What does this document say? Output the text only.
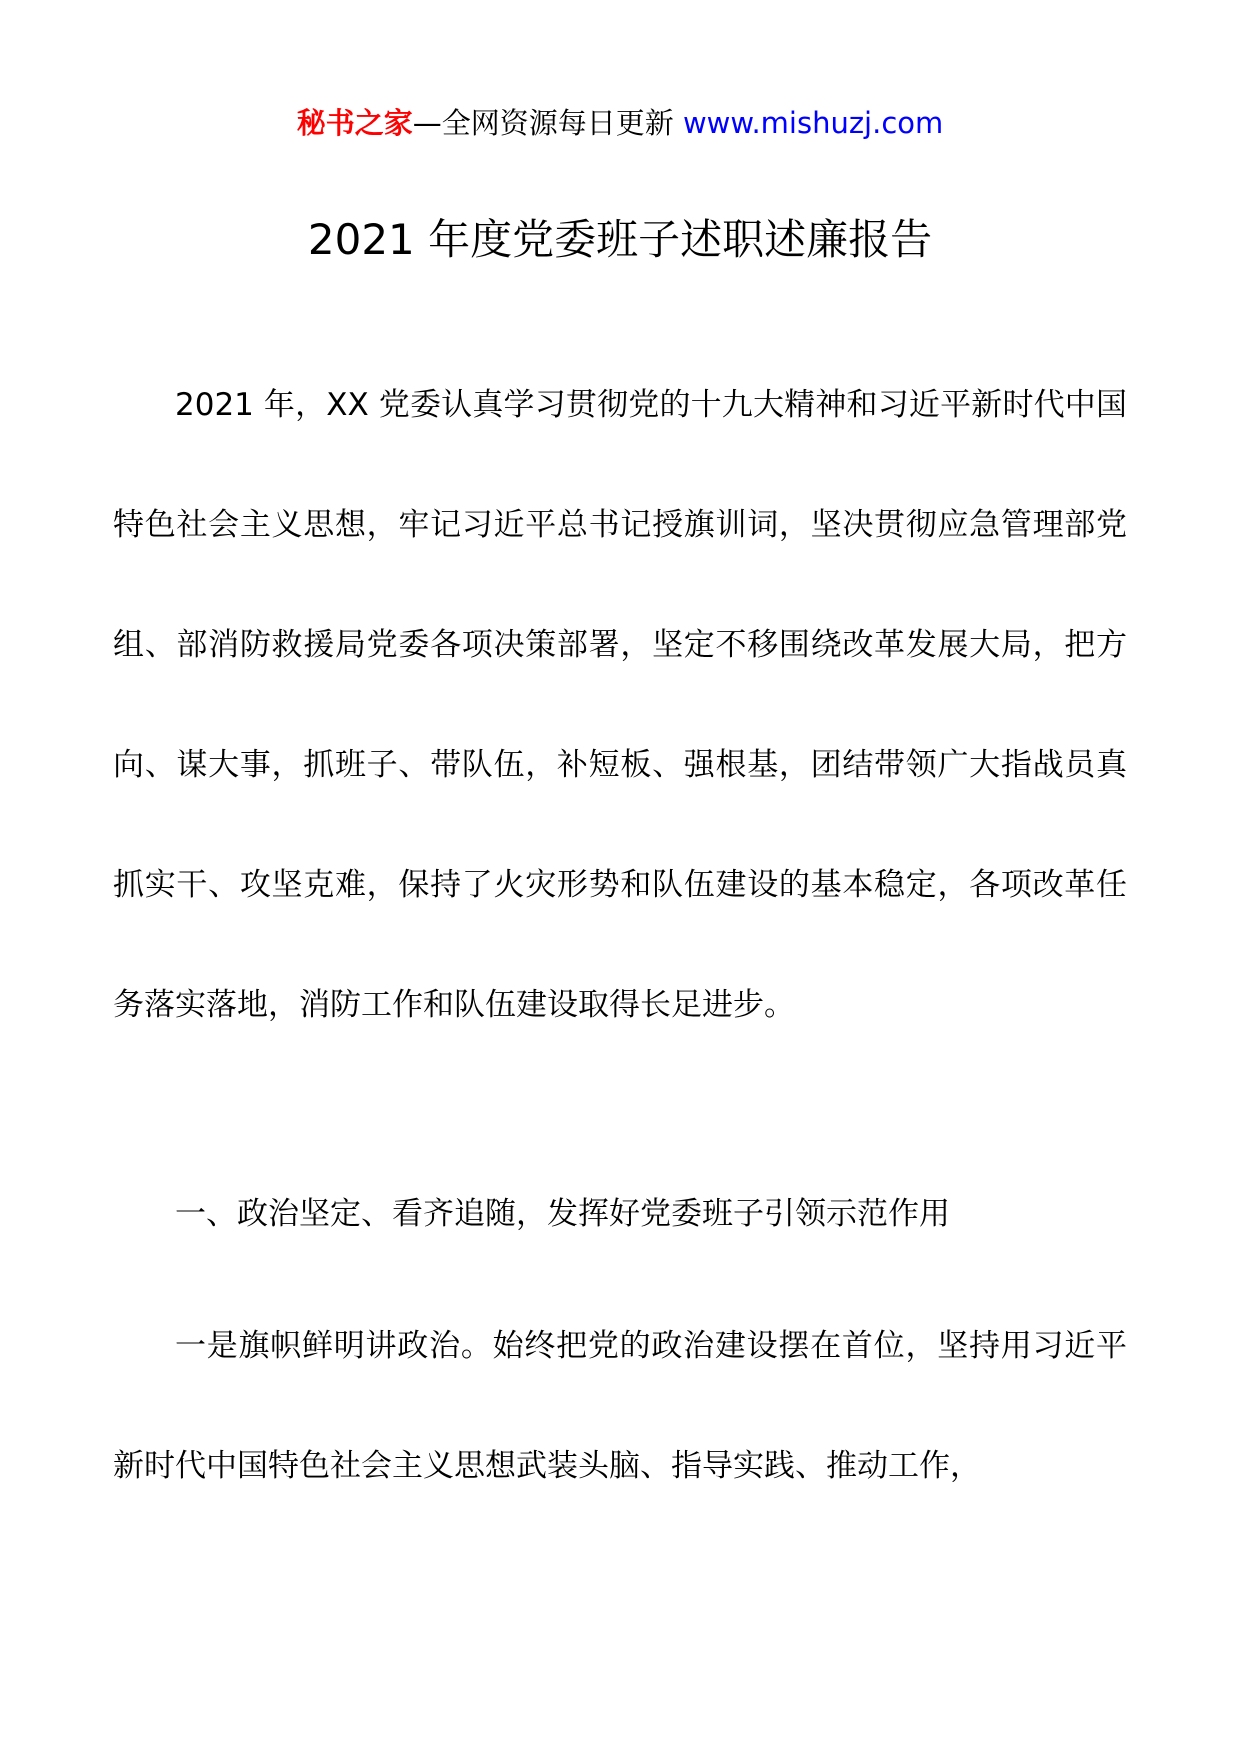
秘书之家—全网资源每日更新 www.mishuzj.com
2021 年度党委班子述职述廉报告

2021 年，XX 党委认真学习贯彻党的十九大精神和习近平新时代中国特色社会主义思想，牢记习近平总书记授旗训词，坚决贯彻应急管理部党组、部消防救援局党委各项决策部署，坚定不移围绕改革发展大局，把方向、谋大事，抓班子、带队伍，补短板、强根基，团结带领广大指战员真抓实干、攻坚克难，保持了火灾形势和队伍建设的基本稳定，各项改革任务落实落地，消防工作和队伍建设取得长足进步。

一、政治坚定、看齐追随，发挥好党委班子引领示范作用

一是旗帜鲜明讲政治。始终把党的政治建设摆在首位，坚持用习近平新时代中国特色社会主义思想武装头脑、指导实践、推动工作，
